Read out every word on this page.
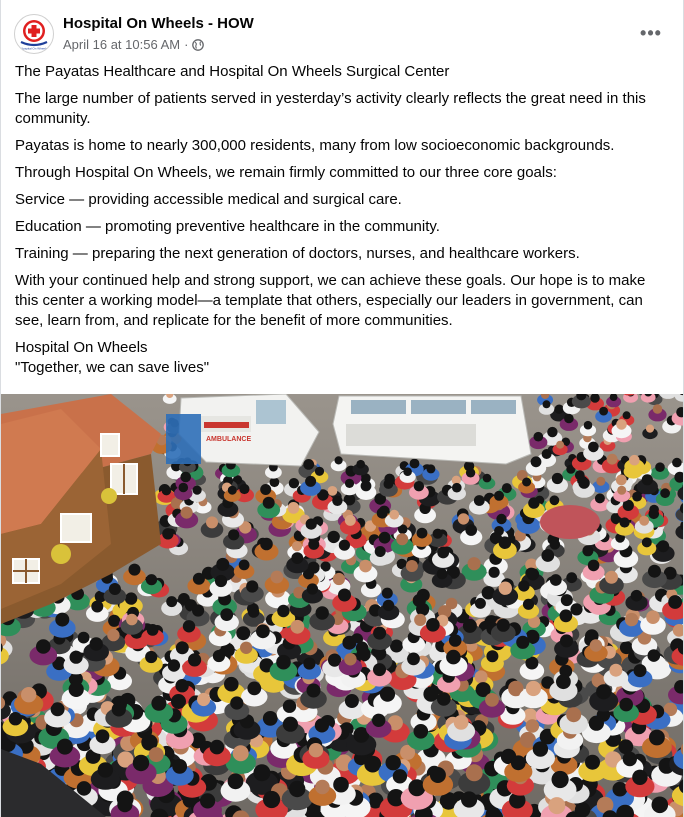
Hospital On Wheels
Hospital On Wheels - HOW
April 16 at 10:56 AM ·
•••

The Payatas Healthcare and Hospital On Wheels Surgical Center

The large number of patients served in yesterday’s activity clearly reflects the great need in this community.

Payatas is home to nearly 300,000 residents, many from low socioeconomic backgrounds.

Through Hospital On Wheels, we remain firmly committed to our three core goals:

Service — providing accessible medical and surgical care.

Education — promoting preventive healthcare in the community.

Training — preparing the next generation of doctors, nurses, and healthcare workers.

With your continued help and strong support, we can achieve these goals. Our hope is to make this center a working model—a template that others, especially our leaders in government, can see, learn from, and replicate for the benefit of more communities.

Hospital On Wheels

"Together, we can save lives"

AMBULANCE
